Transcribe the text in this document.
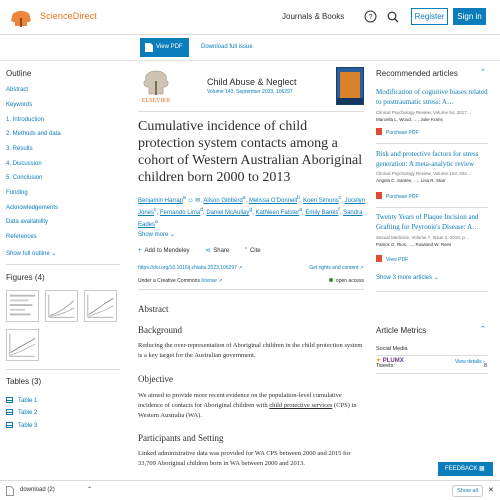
ScienceDirect	Journals & Books	?	Register	Sign in
View PDF	Download full issue
Outline
Abstract
Keywords
1. Introduction
2. Methods and data
3. Results
4. Discussion
5. Conclusion
Funding
Acknowledgements
Data availability
References
Show full outline ⌄
Figures (4)
Tables (3)
Table 1
Table 2
Table 3
ELSEVIER
Child Abuse & Neglect
Volume 143, September 2023, 106297
Cumulative incidence of child protection system contacts among a cohort of Western Australian Aboriginal children born 2000 to 2013
Benjamin Harrap$^a$ ☺ ✉, Alison Gibberd$^a$, Melissa O'Donnell$^b$, Koen Simons$^c$, Jocelyn Jones$^c$, Fernando Lima$^d$, Daniel McAullay$^g$, Kathleen Falster$^a$, Emily Banks$^f$, Sandra Eades$^a$
Show more ⌄
+ Add to Mendeley	⊲ Share	” Cite
https://doi.org/10.1016/j.chiabu.2023.106297 ↗	Get rights and content ↗
Under a Creative Commons license ↗	open access
Abstract
Background
Reducing the over-representation of Aboriginal children in the child protection system is a key target for the Australian government.
Objective
We aimed to provide more recent evidence on the population-level cumulative incidence of contacts for Aboriginal children with child protective services (CPS) in Western Australia (WA).
Participants and Setting
Linked administrative data was provided for WA CPS between 2000 and 2015 for 33,709 Aboriginal children born in WA between 2000 and 2013.
Recommended articles	⌃
Modification of cognitive biases related to posttraumatic stress: A…
Clinical Psychology Review, Volume 54, 2017…
Marcella L. Woud, …, Julie Krans
Purchase PDF
Risk and protective factors for stress generation: A meta-analytic review
Clinical Psychology Review, Volume 103, 202…
Angela C. Santee, …, Lisa R. Starr
Purchase PDF
Twenty Years of Plaque Incision and Grafting for Peyronie's Disease: A…
Sexual Medicine, Volume 7, Issue 2, 2019, p…
Patrick G. Rios, …, Rowland W. Rees
View PDF
Show 3 more articles ⌄
Article Metrics	⌃
Social Media
Tweets:	8
✦ PLUMX	View details ›
FEEDBACK ▩
download (2)	⌃	Show all	✕
